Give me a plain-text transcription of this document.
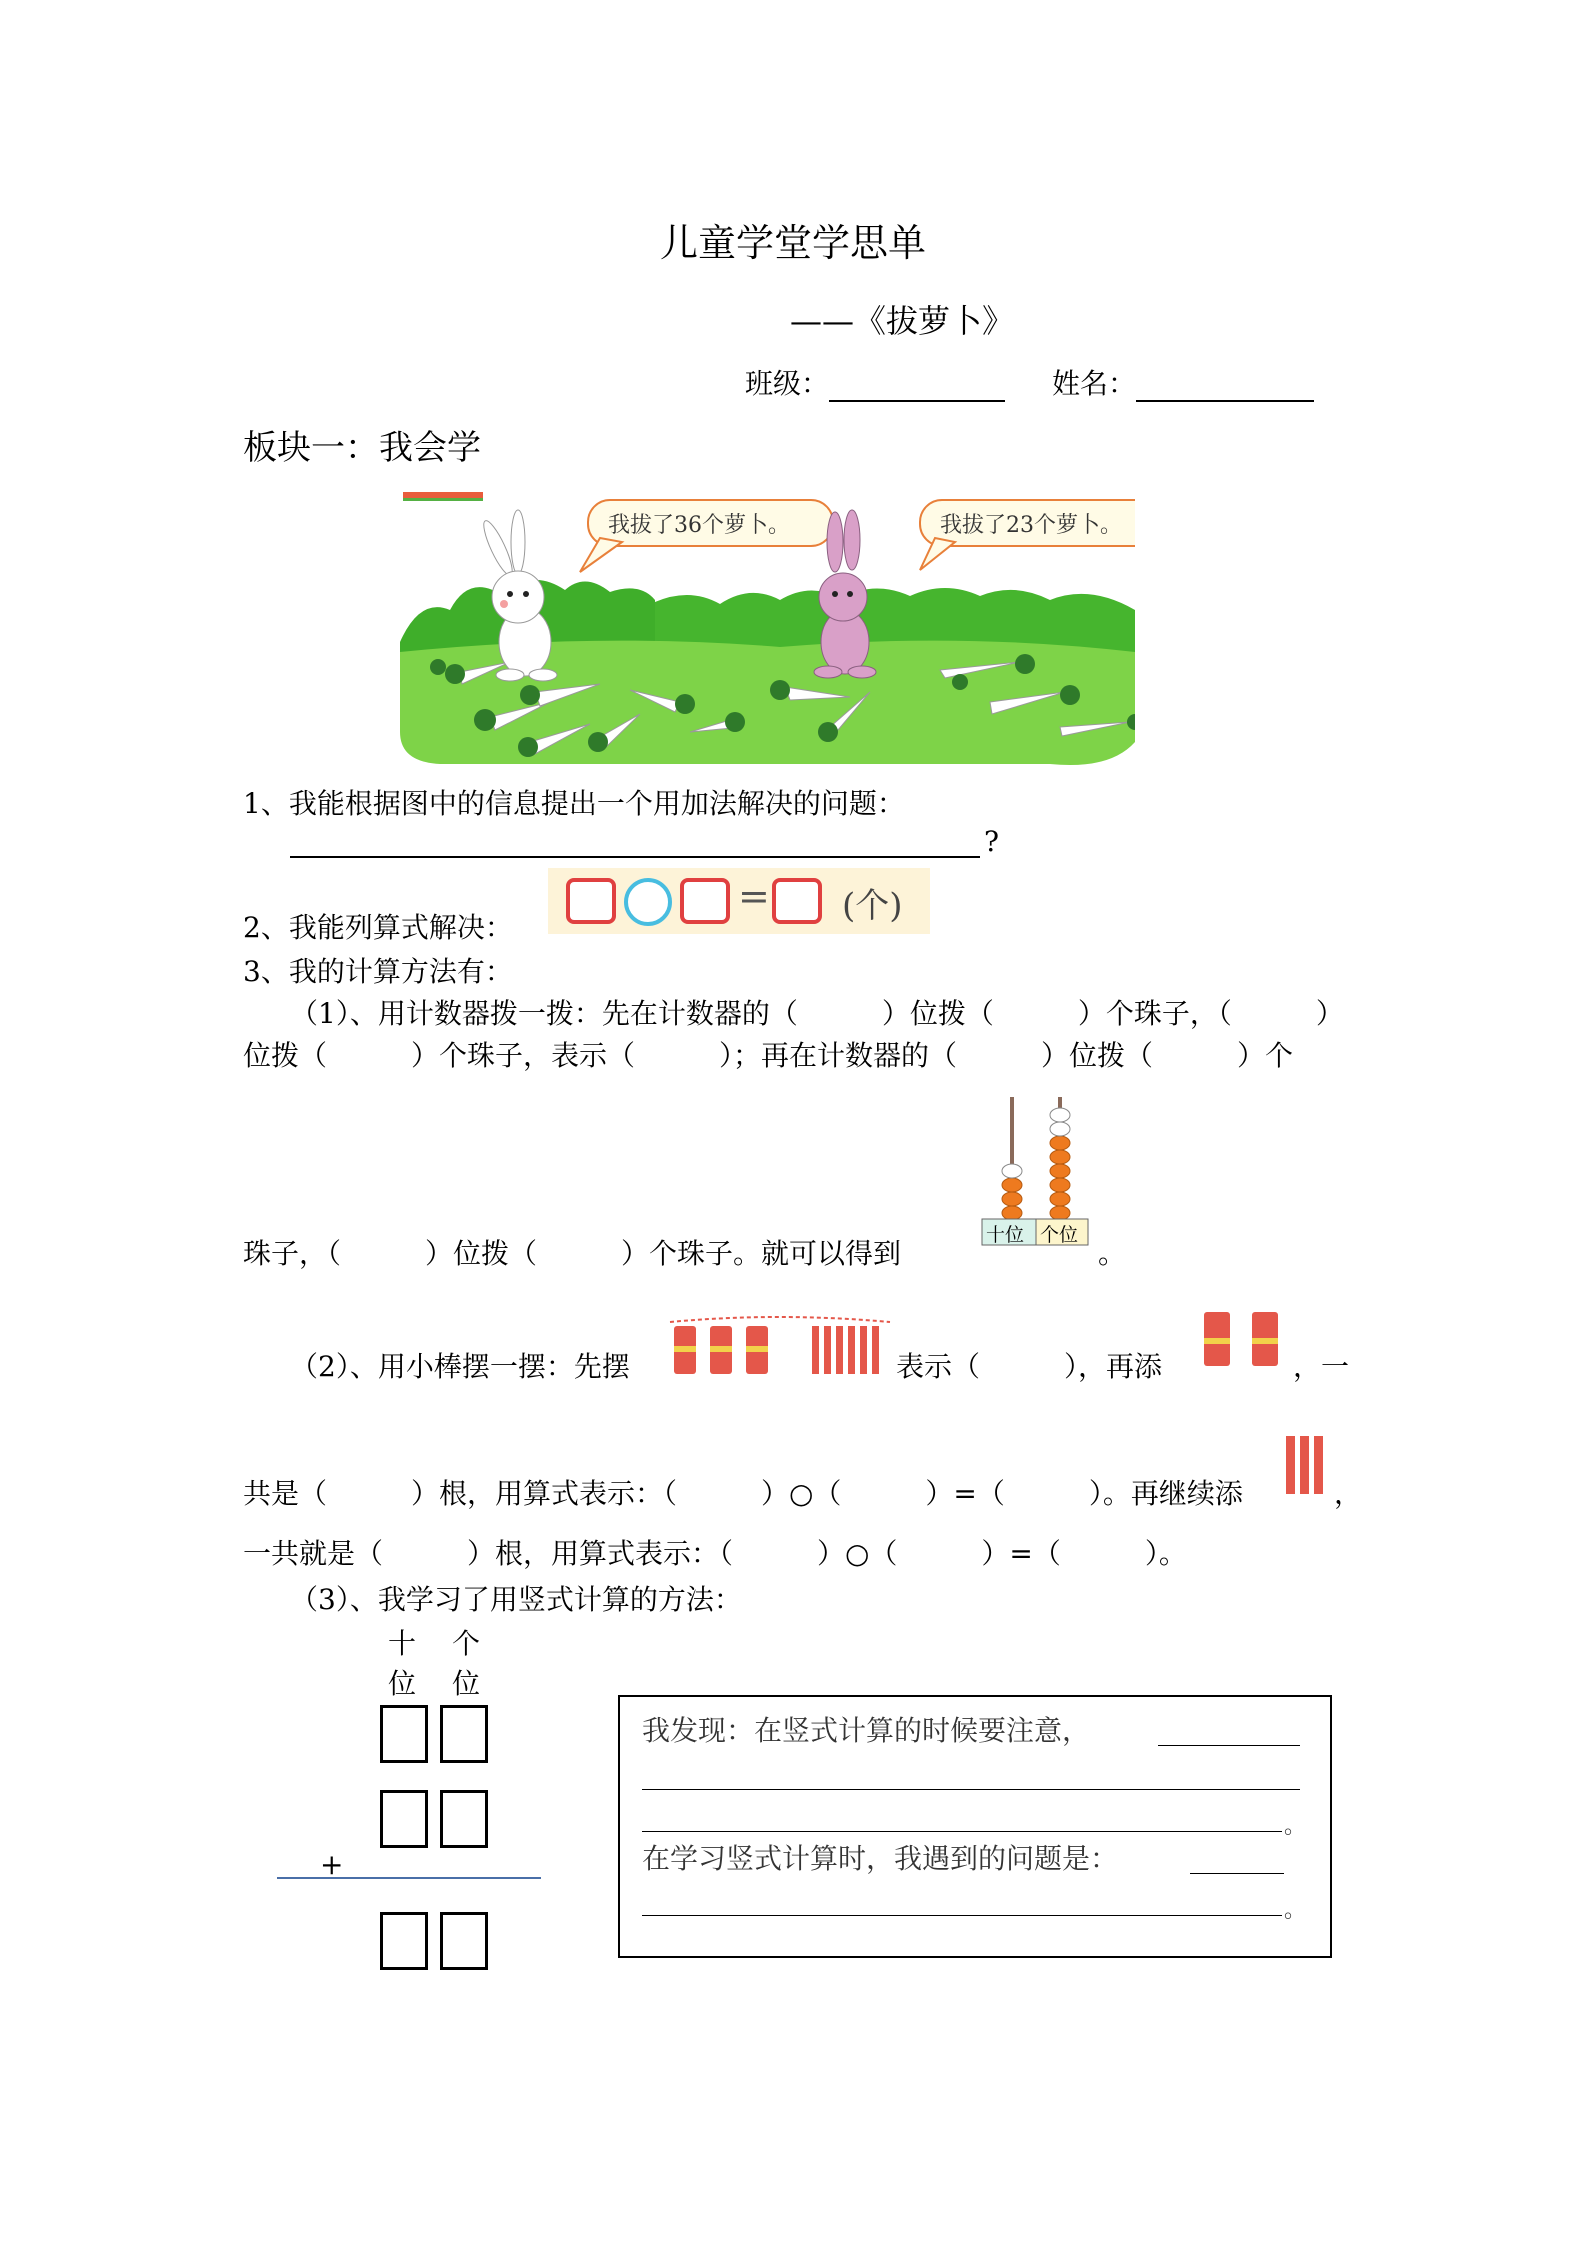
儿童学堂学思单
——《拔萝卜》
班级：	姓名：
板块一：我会学
我拔了36个萝卜。	我拔了23个萝卜。
1、我能根据图中的信息提出一个用加法解决的问题：
?
2、我能列算式解决：
= (个)
3、我的计算方法有：
（1）、用计数器拨一拨：先在计数器的（　　　）位拨（　　　）个珠子，（　　　）
位拨（　　　）个珠子，表示（　　　）；再在计数器的（　　　）位拨（　　　）个
珠子，（　　　）位拨（　　　）个珠子。就可以得到	。
十位 个位
（2）、用小棒摆一摆：先摆	表示（　　　），再添	，一
共是（　　　）根，用算式表示：（　　　）○（　　　）=（　　　）。再继续添	，
一共就是（　　　）根，用算式表示：（　　　）○（　　　）=（　　　）。
（3）、我学习了用竖式计算的方法：
十 个
位 位
+
我发现：在竖式计算的时候要注意，
。
在学习竖式计算时，我遇到的问题是：
。
